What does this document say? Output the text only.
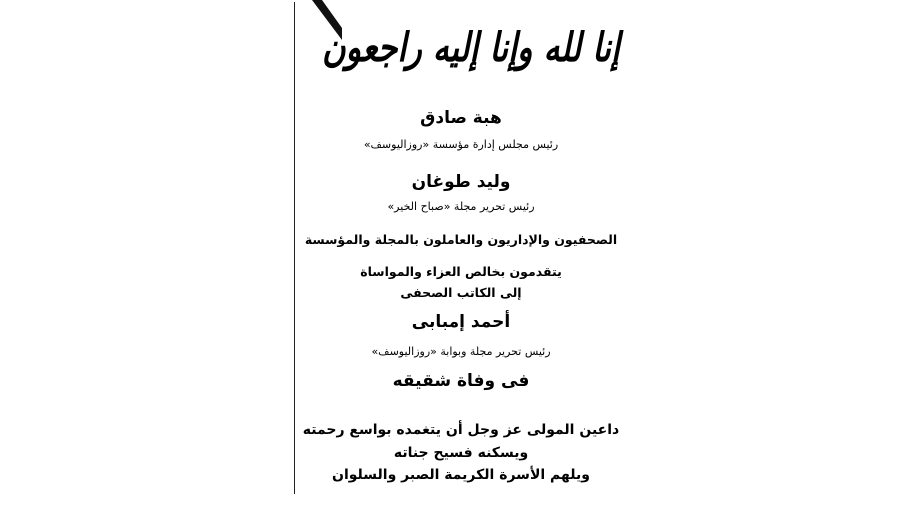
إنا لله وإنا إليه راجعون
هبة صادق
رئيس مجلس إدارة مؤسسة «روزاليوسف»
وليد طوغان
رئيس تحرير مجلة «صباح الخير»
الصحفيون والإداريون والعاملون بالمجلة والمؤسسة
يتقدمون بخالص العزاء والمواساة
إلى الكاتب الصحفى
أحمد إمبابى
رئيس تحرير مجلة وبوابة «روزاليوسف»
فى وفاة شقيقه
داعين المولى عز وجل أن يتغمده بواسع رحمته
ويسكنه فسيح جناته
ويلهم الأسرة الكريمة الصبر والسلوان
